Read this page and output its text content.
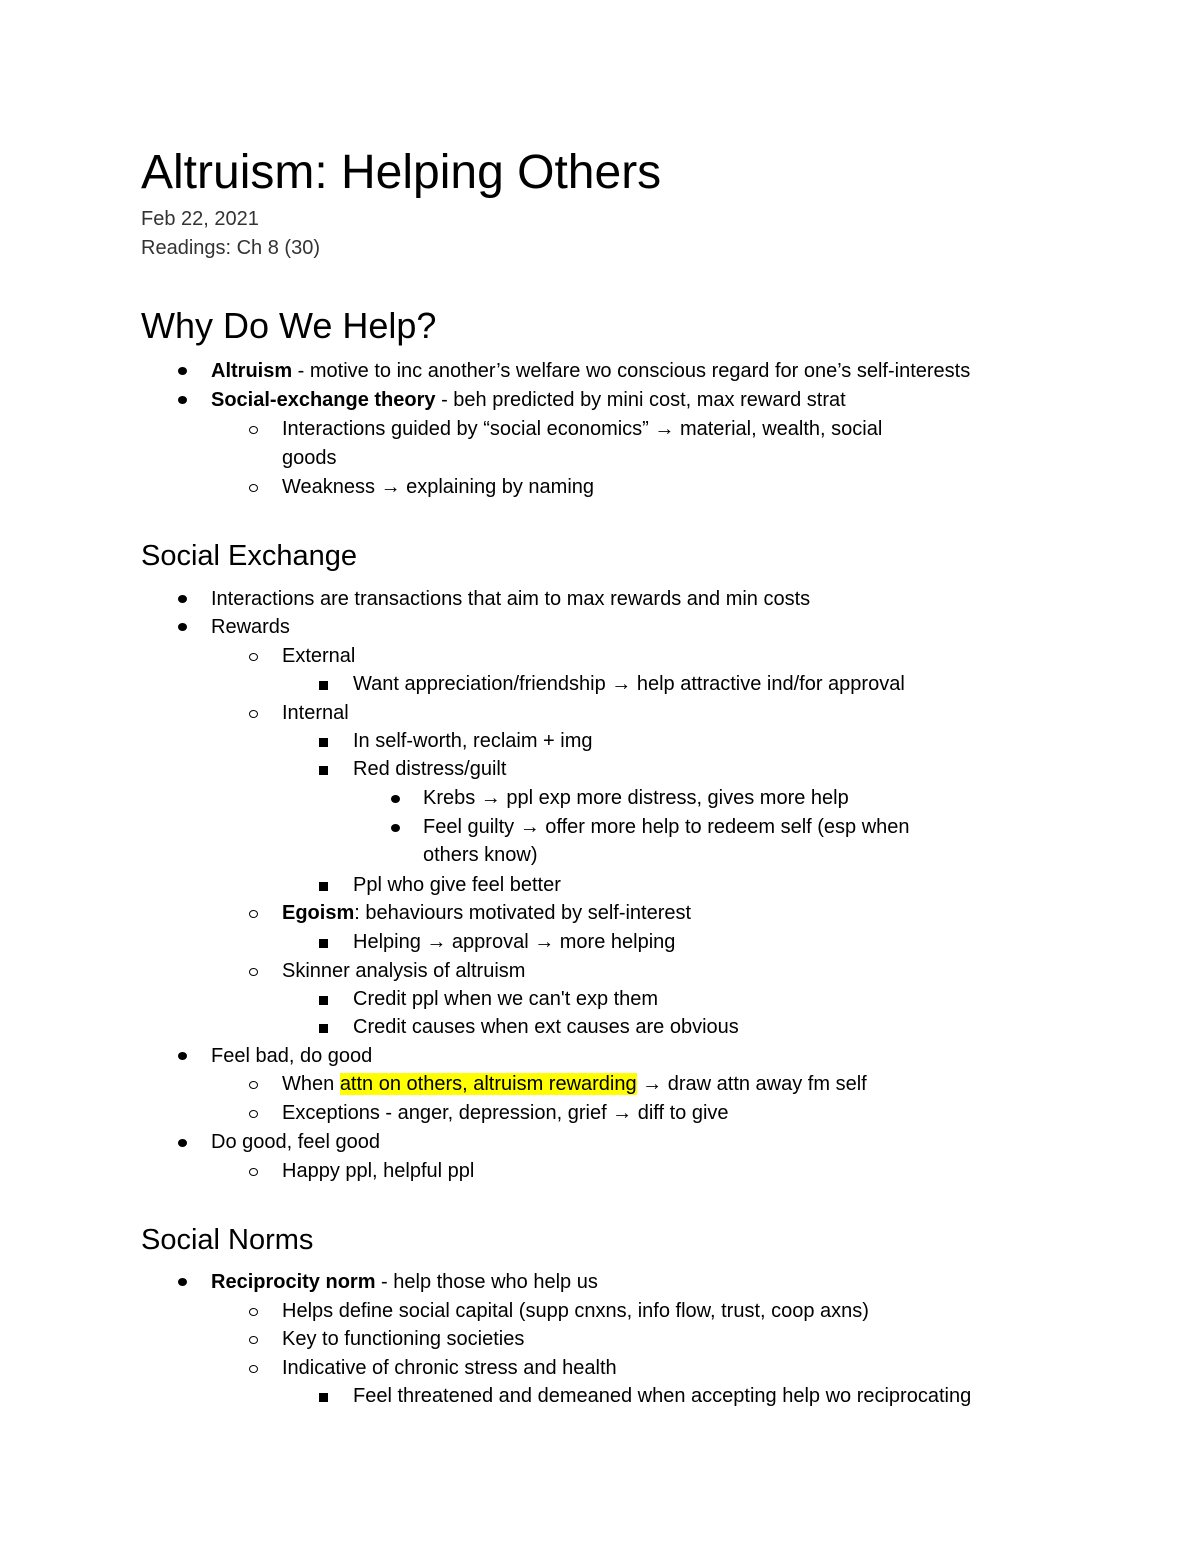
Altruism: Helping Others
Feb 22, 2021
Readings: Ch 8 (30)
Why Do We Help?
Altruism - motive to inc another’s welfare wo conscious regard for one’s self-interests
Social-exchange theory - beh predicted by mini cost, max reward strat
Interactions guided by “social economics” → material, wealth, social
goods
Weakness → explaining by naming
Social Exchange
Interactions are transactions that aim to max rewards and min costs
Rewards
External
Want appreciation/friendship → help attractive ind/for approval
Internal
In self-worth, reclaim + img
Red distress/guilt
Krebs → ppl exp more distress, gives more help
Feel guilty → offer more help to redeem self (esp when
others know)
Ppl who give feel better
Egoism: behaviours motivated by self-interest
Helping → approval → more helping
Skinner analysis of altruism
Credit ppl when we can't exp them
Credit causes when ext causes are obvious
Feel bad, do good
When attn on others, altruism rewarding → draw attn away fm self
Exceptions - anger, depression, grief → diff to give
Do good, feel good
Happy ppl, helpful ppl
Social Norms
Reciprocity norm - help those who help us
Helps define social capital (supp cnxns, info flow, trust, coop axns)
Key to functioning societies
Indicative of chronic stress and health
Feel threatened and demeaned when accepting help wo reciprocating
